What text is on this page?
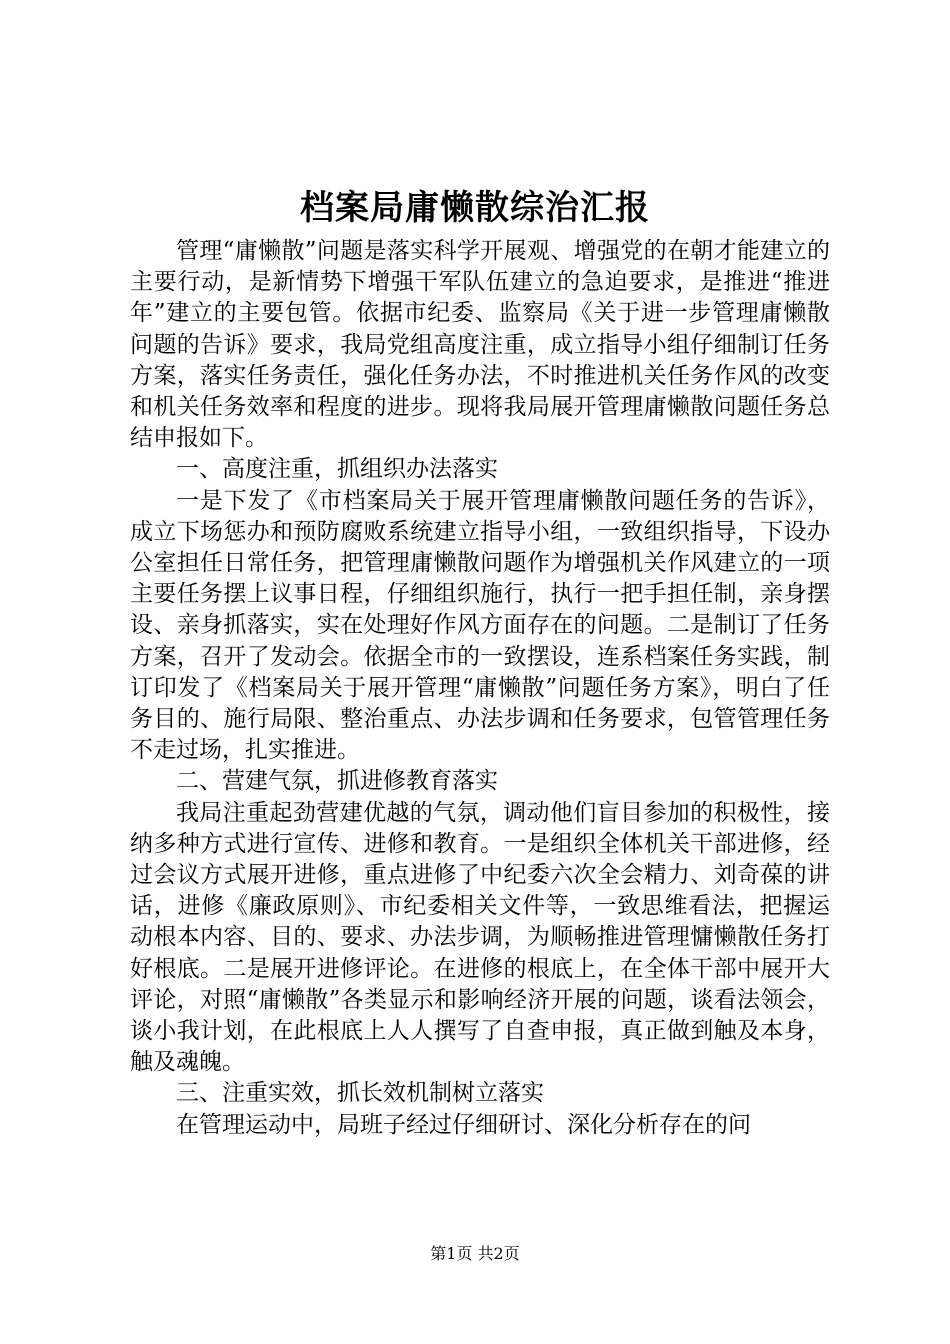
档案局庸懒散综治汇报

管理“庸懒散”问题是落实科学开展观、增强党的在朝才能建立的主要行动，是新情势下增强干军队伍建立的急迫要求，是推进“推进年”建立的主要包管。依据市纪委、监察局《关于进一步管理庸懒散问题的告诉》要求，我局党组高度注重，成立指导小组仔细制订任务方案，落实任务责任，强化任务办法，不时推进机关任务作风的改变和机关任务效率和程度的进步。现将我局展开管理庸懒散问题任务总结申报如下。

一、高度注重，抓组织办法落实

一是下发了《市档案局关于展开管理庸懒散问题任务的告诉》，成立下场惩办和预防腐败系统建立指导小组，一致组织指导，下设办公室担任日常任务，把管理庸懒散问题作为增强机关作风建立的一项主要任务摆上议事日程，仔细组织施行，执行一把手担任制，亲身摆设、亲身抓落实，实在处理好作风方面存在的问题。二是制订了任务方案，召开了发动会。依据全市的一致摆设，连系档案任务实践，制订印发了《档案局关于展开管理“庸懒散”问题任务方案》，明白了任务目的、施行局限、整治重点、办法步调和任务要求，包管管理任务不走过场，扎实推进。

二、营建气氛，抓进修教育落实

我局注重起劲营建优越的气氛，调动他们盲目参加的积极性，接纳多种方式进行宣传、进修和教育。一是组织全体机关干部进修，经过会议方式展开进修，重点进修了中纪委六次全会精力、刘奇葆的讲话，进修《廉政原则》、市纪委相关文件等，一致思维看法，把握运动根本内容、目的、要求、办法步调，为顺畅推进管理慵懒散任务打好根底。二是展开进修评论。在进修的根底上，在全体干部中展开大评论，对照“庸懒散”各类显示和影响经济开展的问题，谈看法领会，谈小我计划，在此根底上人人撰写了自查申报，真正做到触及本身，触及魂魄。

三、注重实效，抓长效机制树立落实

在管理运动中，局班子经过仔细研讨、深化分析存在的问

第1页 共2页
